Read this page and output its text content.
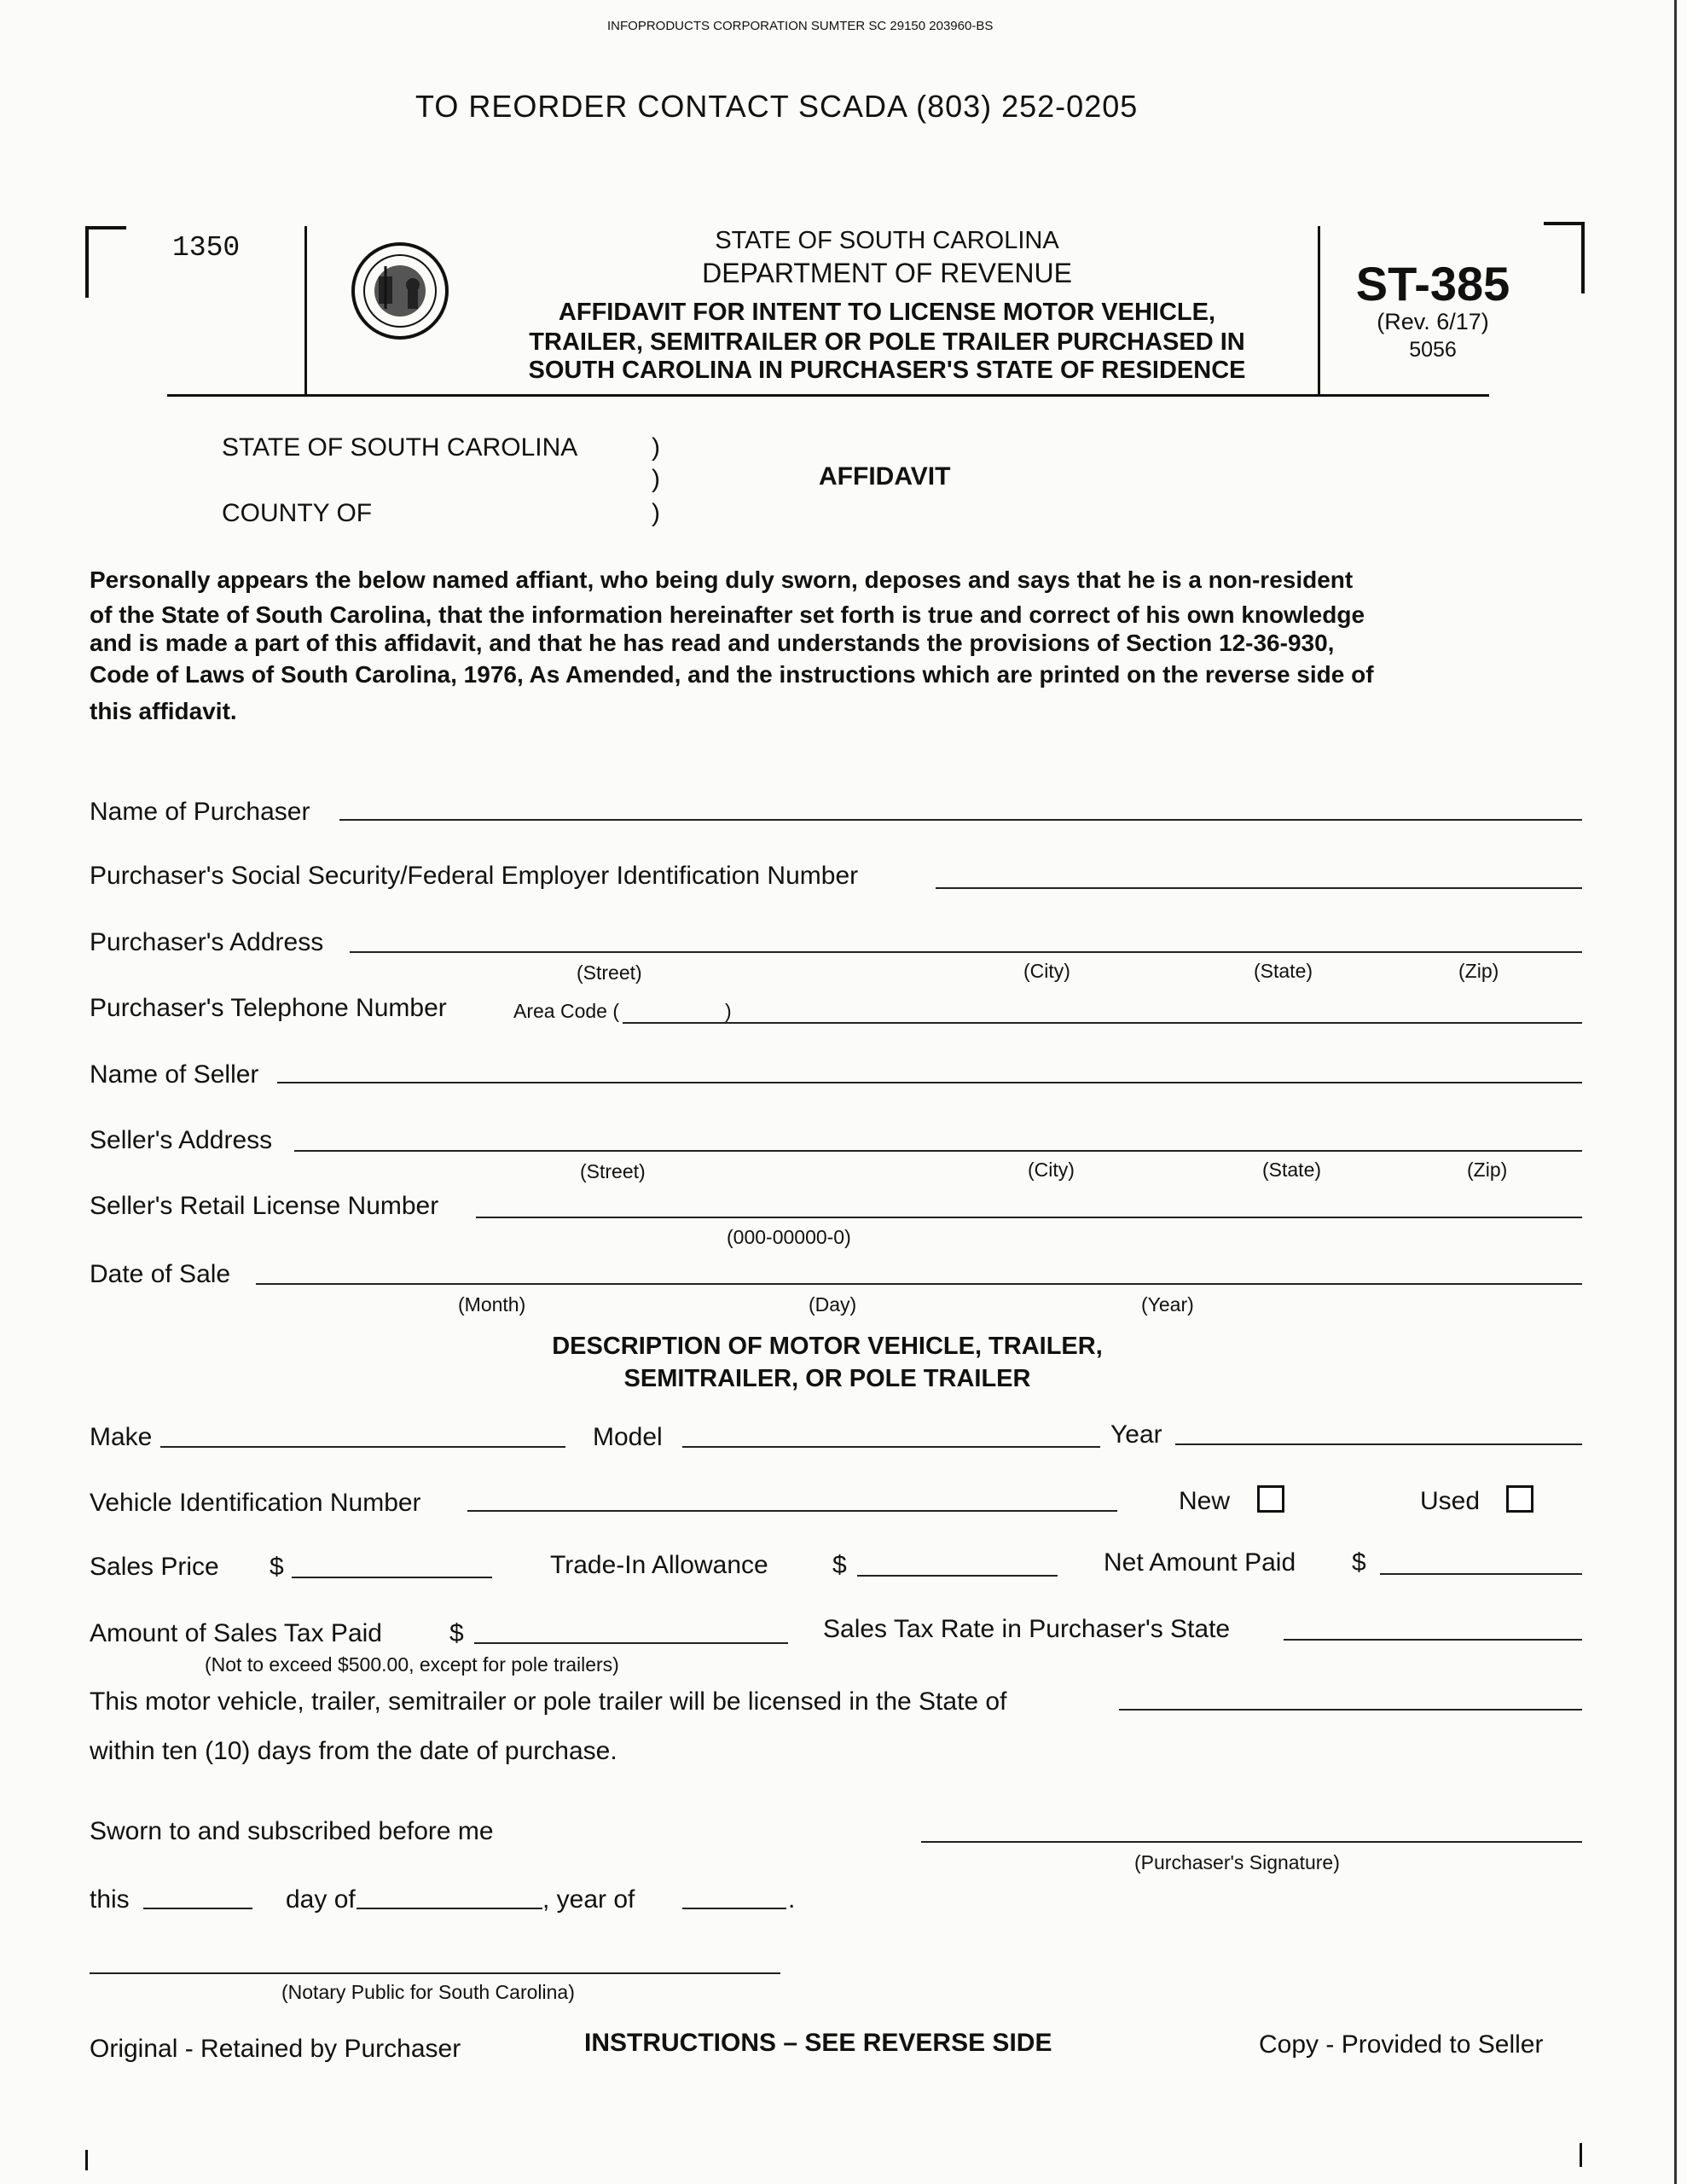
INFOPRODUCTS CORPORATION SUMTER SC 29150 203960-BS
TO REORDER CONTACT SCADA (803) 252-0205
1350	STATE OF SOUTH CAROLINA
DEPARTMENT OF REVENUE
AFFIDAVIT FOR INTENT TO LICENSE MOTOR VEHICLE,
TRAILER, SEMITRAILER OR POLE TRAILER PURCHASED IN
SOUTH CAROLINA IN PURCHASER'S STATE OF RESIDENCE
ST-385
(Rev. 6/17)
5056
STATE OF SOUTH CAROLINA	)
)	AFFIDAVIT
COUNTY OF	)
Personally appears the below named affiant, who being duly sworn, deposes and says that he is a non-resident
of the State of South Carolina, that the information hereinafter set forth is true and correct of his own knowledge
and is made a part of this affidavit, and that he has read and understands the provisions of Section 12-36-930,
Code of Laws of South Carolina, 1976, As Amended, and the instructions which are printed on the reverse side of
this affidavit.
Name of Purchaser
Purchaser's Social Security/Federal Employer Identification Number
Purchaser's Address
(Street)	(City)	(State)	(Zip)
Purchaser's Telephone Number	Area Code (	)
Name of Seller
Seller's Address
(Street)	(City)	(State)	(Zip)
Seller's Retail License Number
(000-00000-0)
Date of Sale
(Month)	(Day)	(Year)
DESCRIPTION OF MOTOR VEHICLE, TRAILER,
SEMITRAILER, OR POLE TRAILER
Make	Model	Year
Vehicle Identification Number	New	Used
Sales Price $	Trade-In Allowance	$	Net Amount Paid $
Amount of Sales Tax Paid	$
(Not to exceed $500.00, except for pole trailers)
Sales Tax Rate in Purchaser's State
This motor vehicle, trailer, semitrailer or pole trailer will be licensed in the State of
within ten (10) days from the date of purchase.
Sworn to and subscribed before me
(Purchaser's Signature)
this	day of	, year of	.
(Notary Public for South Carolina)
Original - Retained by Purchaser	INSTRUCTIONS – SEE REVERSE SIDE	Copy - Provided to Seller
